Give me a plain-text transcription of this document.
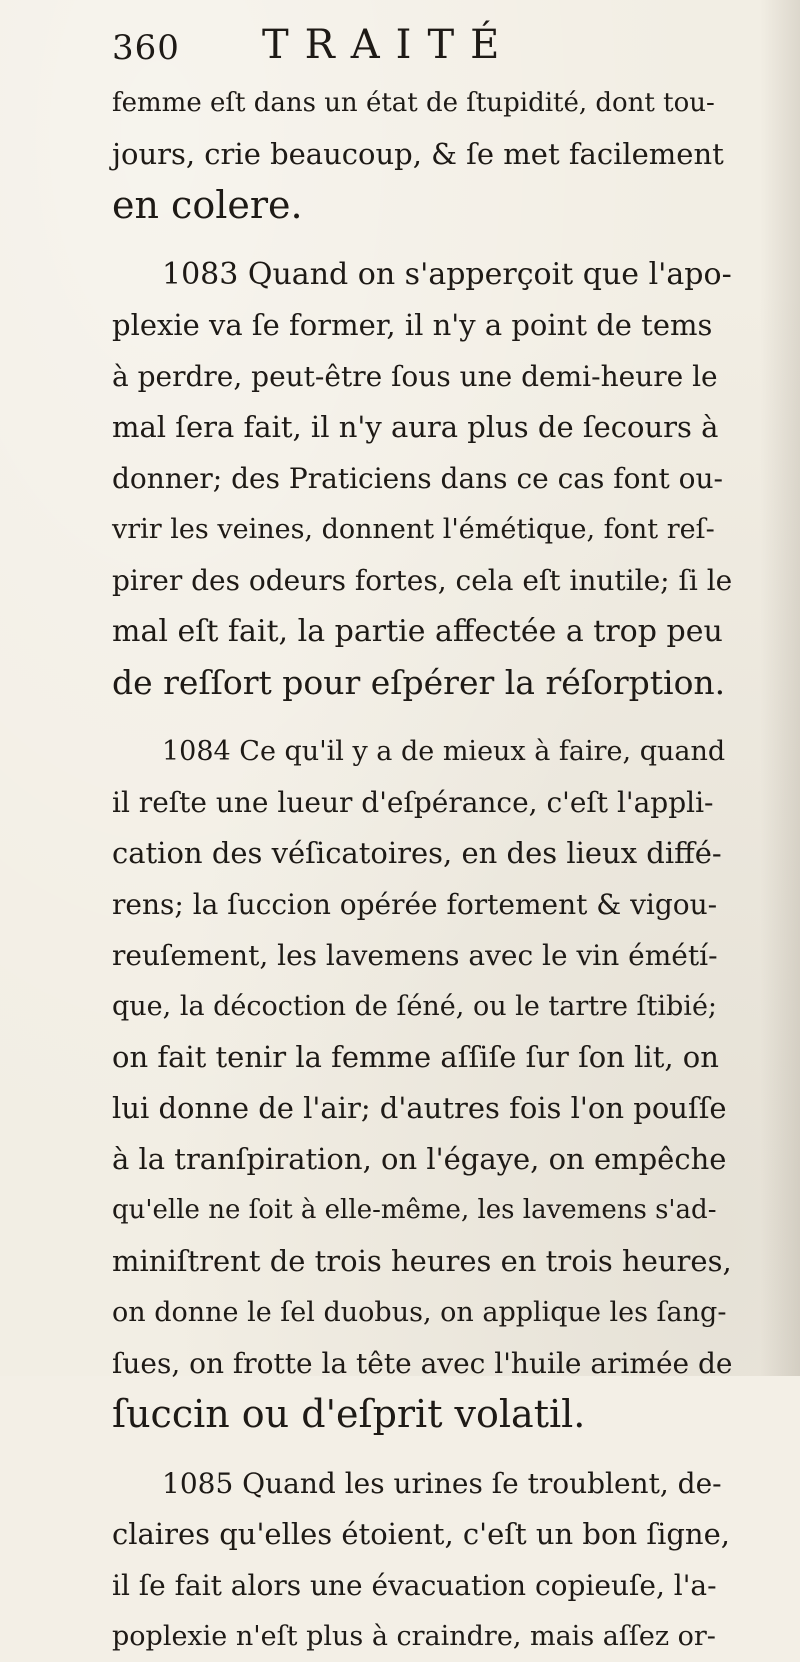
360 TRAITÉ
femme eſt dans un état de ſtupidité, dont tou-
jours, crie beaucoup, & ſe met facilement
en colere.
1083 Quand on s'apperçoit que l'apo-
plexie va ſe former, il n'y a point de tems
à perdre, peut-être ſous une demi-heure le
mal ſera fait, il n'y aura plus de ſecours à
donner; des Praticiens dans ce cas font ou-
vrir les veines, donnent l'émétique, font reſ-
pirer des odeurs fortes, cela eſt inutile; ſi le
mal eſt fait, la partie affectée a trop peu
de reſſort pour eſpérer la réſorption.
1084 Ce qu'il y a de mieux à faire, quand
il reſte une lueur d'eſpérance, c'eſt l'appli-
cation des véſicatoires, en des lieux diffé-
rens; la ſuccion opérée fortement & vigou-
reuſement, les lavemens avec le vin émétí-
que, la décoction de ſéné, ou le tartre ſtibié;
on fait tenir la femme aſſiſe ſur ſon lit, on
lui donne de l'air; d'autres fois l'on pouſſe
à la tranſpiration, on l'égaye, on empêche
qu'elle ne ſoit à elle-même, les lavemens s'ad-
miniſtrent de trois heures en trois heures,
on donne le ſel duobus, on applique les ſang-
ſues, on frotte la tête avec l'huile arimée de
ſuccin ou d'eſprit volatil.
1085 Quand les urines ſe troublent, de-
claires qu'elles étoient, c'eſt un bon ſigne,
il ſe fait alors une évacuation copieuſe, l'a-
poplexie n'eſt plus à craindre, mais aſſez or-
